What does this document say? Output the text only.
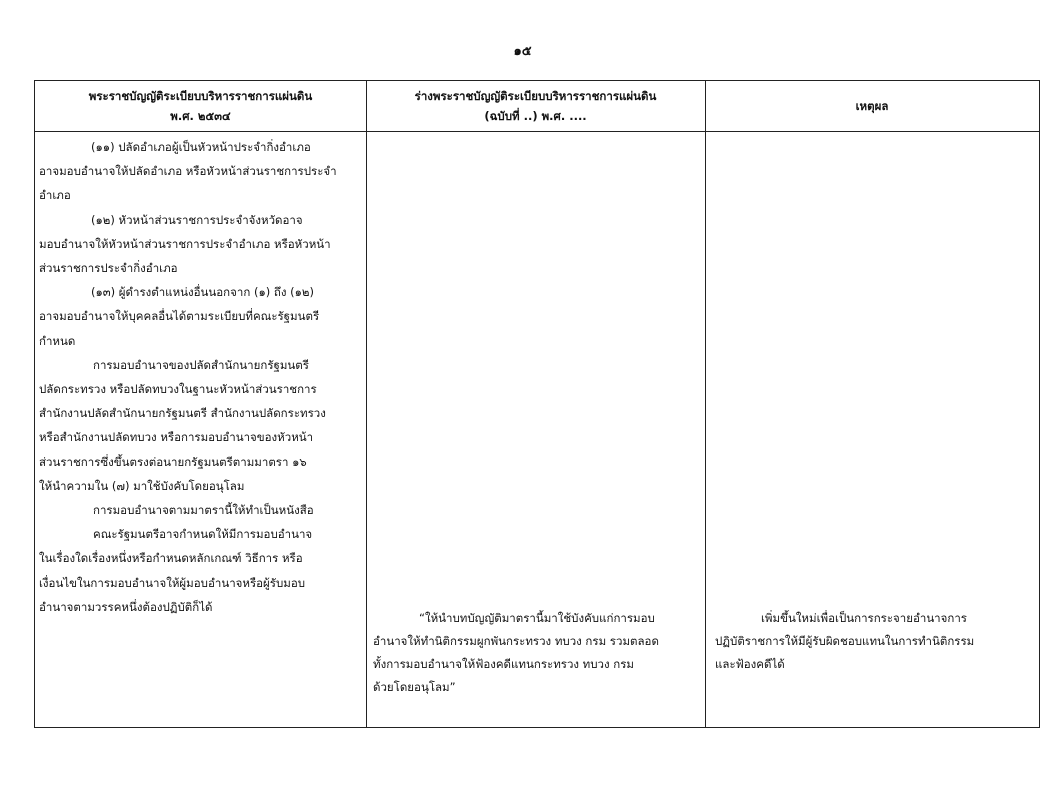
๑๕
พระราชบัญญัติระเบียบบริหารราชการแผ่นดิน
พ.ศ. ๒๕๓๔
ร่างพระราชบัญญัติระเบียบบริหารราชการแผ่นดิน
(ฉบับที่ ..) พ.ศ. ....
เหตุผล

(๑๑) ปลัดอำเภอผู้เป็นหัวหน้าประจำกิ่งอำเภอ

อาจมอบอำนาจให้ปลัดอำเภอ หรือหัวหน้าส่วนราชการประจำ

อำเภอ

(๑๒) หัวหน้าส่วนราชการประจำจังหวัดอาจ

มอบอำนาจให้หัวหน้าส่วนราชการประจำอำเภอ หรือหัวหน้า

ส่วนราชการประจำกิ่งอำเภอ

(๑๓) ผู้ดำรงตำแหน่งอื่นนอกจาก (๑) ถึง (๑๒)

อาจมอบอำนาจให้บุคคลอื่นได้ตามระเบียบที่คณะรัฐมนตรี

กำหนด

การมอบอำนาจของปลัดสำนักนายกรัฐมนตรี

ปลัดกระทรวง หรือปลัดทบวงในฐานะหัวหน้าส่วนราชการ

สำนักงานปลัดสำนักนายกรัฐมนตรี สำนักงานปลัดกระทรวง

หรือสำนักงานปลัดทบวง หรือการมอบอำนาจของหัวหน้า

ส่วนราชการซึ่งขึ้นตรงต่อนายกรัฐมนตรีตามมาตรา ๑๖

ให้นำความใน (๗) มาใช้บังคับโดยอนุโลม

การมอบอำนาจตามมาตรานี้ให้ทำเป็นหนังสือ

คณะรัฐมนตรีอาจกำหนดให้มีการมอบอำนาจ

ในเรื่องใดเรื่องหนึ่งหรือกำหนดหลักเกณฑ์ วิธีการ หรือ

เงื่อนไขในการมอบอำนาจให้ผู้มอบอำนาจหรือผู้รับมอบ

อำนาจตามวรรคหนึ่งต้องปฏิบัติก็ได้

“ให้นำบทบัญญัติมาตรานี้มาใช้บังคับแก่การมอบ
อำนาจให้ทำนิติกรรมผูกพันกระทรวง ทบวง กรม รวมตลอด
ทั้งการมอบอำนาจให้ฟ้องคดีแทนกระทรวง ทบวง กรม
ด้วยโดยอนุโลม”
เพิ่มขึ้นใหม่เพื่อเป็นการกระจายอำนาจการ
ปฏิบัติราชการให้มีผู้รับผิดชอบแทนในการทำนิติกรรม
และฟ้องคดีได้
